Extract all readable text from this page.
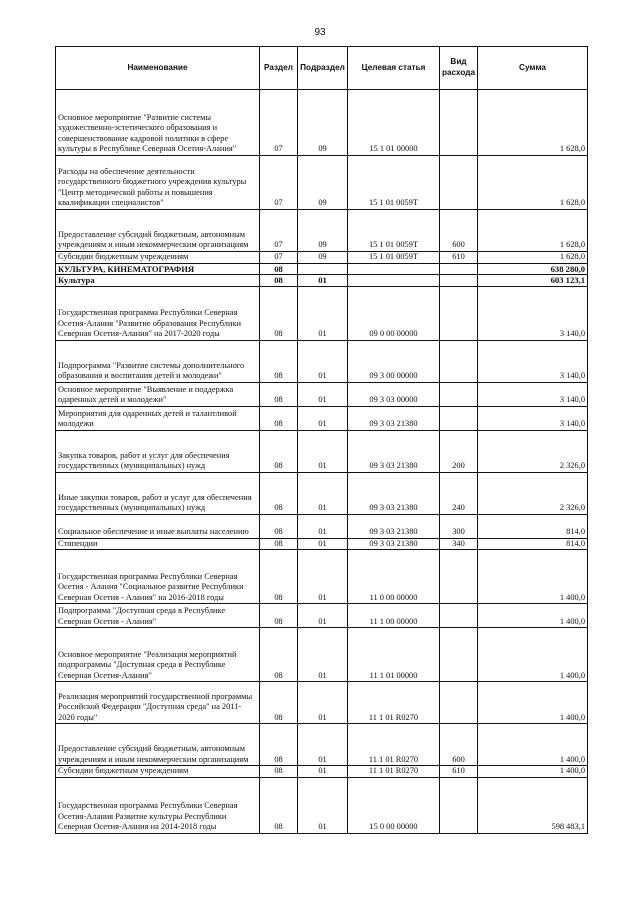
93
Наименование	Раздел	Подраздел	Целевая статья	Вид расхода	Сумма
Основное мероприятие "Развитие системы художественно-эстетического образования и совершенствование кадровой политики в сфере культуры в Республике Северная Осетия-Алания"	07	09	15 1 01 00000		1 628,0
Расходы на обеспечение деятельности государственного бюджетного учреждения культуры "Центр методической работы и повышения квалификации специалистов"	07	09	15 1 01 0059Т		1 628,0
Предоставление субсидий бюджетным, автономным учреждениям и иным некоммерческим организациям	07	09	15 1 01 0059Т	600	1 628,0
Субсидии бюджетным учреждениям	07	09	15 1 01 0059Т	610	1 628,0
КУЛЬТУРА, КИНЕМАТОГРАФИЯ	08				638 280,0
Культура	08	01			603 123,1
Государственная программа Республики Северная Осетия-Алания "Развитие образования Республики Северная Осетия-Алания" на 2017-2020 годы	08	01	09 0 00 00000		3 140,0
Подпрограмма "Развитие системы дополнительного образования и воспитания детей и молодежи"	08	01	09 3 00 00000		3 140,0
Основное мероприятие "Выявление и поддержка одаренных детей и молодежи"	08	01	09 3 03 00000		3 140,0
Мероприятия для одаренных детей и талантливой молодежи	08	01	09 3 03 21380		3 140,0
Закупка товаров, работ и услуг для обеспечения государственных (муниципальных) нужд	08	01	09 3 03 21380	200	2 326,0
Иные закупки товаров, работ и услуг для обеспечения государственных (муниципальных) нужд	08	01	09 3 03 21380	240	2 326,0
Социальное обеспечение и иные выплаты населению	08	01	09 3 03 21380	300	814,0
Стипендии	08	01	09 3 03 21380	340	814,0
Государственная программа Республики Северная Осетия - Алания "Социальное развитие Республики Северная Осетия - Алания" на 2016-2018 годы	08	01	11 0 00 00000		1 400,0
Подпрограмма "Доступная среда в Республике Северная Осетия - Алания"	08	01	11 1 00 00000		1 400,0
Основное мероприятие "Реализация мероприятий подпрограммы "Доступная среда в Республике Северная Осетия-Алания"	08	01	11 1 01 00000		1 400,0
Реализация мероприятий государственной программы Российской Федерации "Доступная среда" на 2011-2020 годы"	08	01	11 1 01 R0270		1 400,0
Предоставление субсидий бюджетным, автономным учреждениям и иным некоммерческим организациям	08	01	11 1 01 R0270	600	1 400,0
Субсидии бюджетным учреждениям	08	01	11 1 01 R0270	610	1 400,0
Государственная программа Республики Северная Осетия-Алания Развитие культуры Республики Северная Осетия-Алания на 2014-2018 годы	08	01	15 0 00 00000		598 483,1
